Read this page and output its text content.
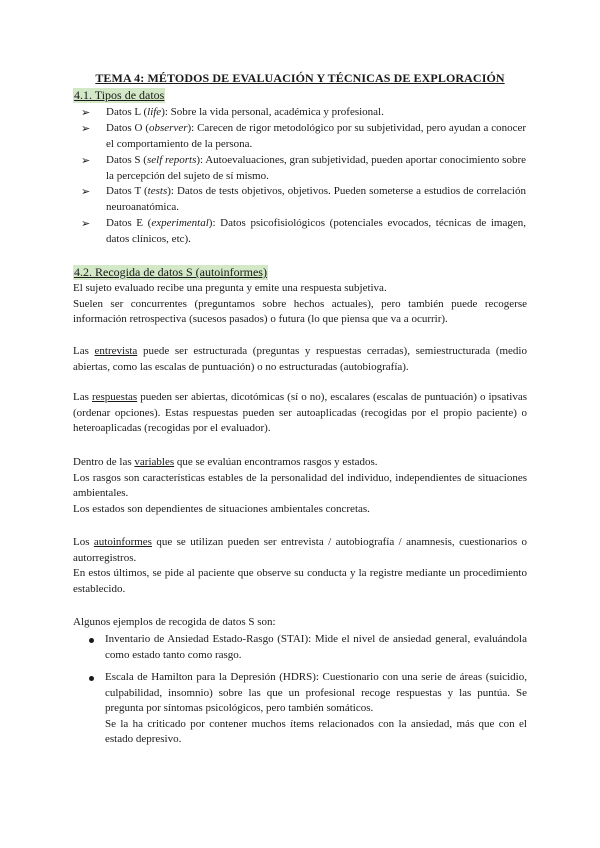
TEMA 4: MÉTODOS DE EVALUACIÓN Y TÉCNICAS DE EXPLORACIÓN
4.1. Tipos de datos
➢	Datos L (life): Sobre la vida personal, académica y profesional.
➢	Datos O (observer): Carecen de rigor metodológico por su subjetividad, pero ayudan a conocer el comportamiento de la persona.
➢	Datos S (self reports): Autoevaluaciones, gran subjetividad, pueden aportar conocimiento sobre la percepción del sujeto de sí mismo.
➢	Datos T (tests): Datos de tests objetivos, objetivos. Pueden someterse a estudios de correlación neuroanatómica.
➢	Datos E (experimental): Datos psicofisiológicos (potenciales evocados, técnicas de imagen, datos clínicos, etc).
4.2. Recogida de datos S (autoinformes)

El sujeto evaluado recibe una pregunta y emite una respuesta subjetiva.

Suelen ser concurrentes (preguntamos sobre hechos actuales), pero también puede recogerse información retrospectiva (sucesos pasados) o futura (lo que piensa que va a ocurrir).

Las entrevista puede ser estructurada (preguntas y respuestas cerradas), semiestructurada (medio abiertas, como las escalas de puntuación) o no estructuradas (autobiografía).
Las respuestas pueden ser abiertas, dicotómicas (sí o no), escalares (escalas de puntuación) o ipsativas (ordenar opciones). Estas respuestas pueden ser autoaplicadas (recogidas por el propio paciente) o heteroaplicadas (recogidas por el evaluador).

Dentro de las variables que se evalúan encontramos rasgos y estados.

Los rasgos son características estables de la personalidad del individuo, independientes de situaciones ambientales.

Los estados son dependientes de situaciones ambientales concretas.

Los autoinformes que se utilizan pueden ser entrevista / autobiografía / anamnesis, cuestionarios o autorregistros.

En estos últimos, se pide al paciente que observe su conducta y la registre mediante un procedimiento establecido.

Algunos ejemplos de recogida de datos S son:

Inventario de Ansiedad Estado-Rasgo (STAI): Mide el nivel de ansiedad general, evaluándola como estado tanto como rasgo.
Escala de Hamilton para la Depresión (HDRS): Cuestionario con una serie de áreas (suicidio, culpabilidad, insomnio) sobre las que un profesional recoge respuestas y las puntúa. Se pregunta por síntomas psicológicos, pero también somáticos.
Se la ha criticado por contener muchos ítems relacionados con la ansiedad, más que con el estado depresivo.
